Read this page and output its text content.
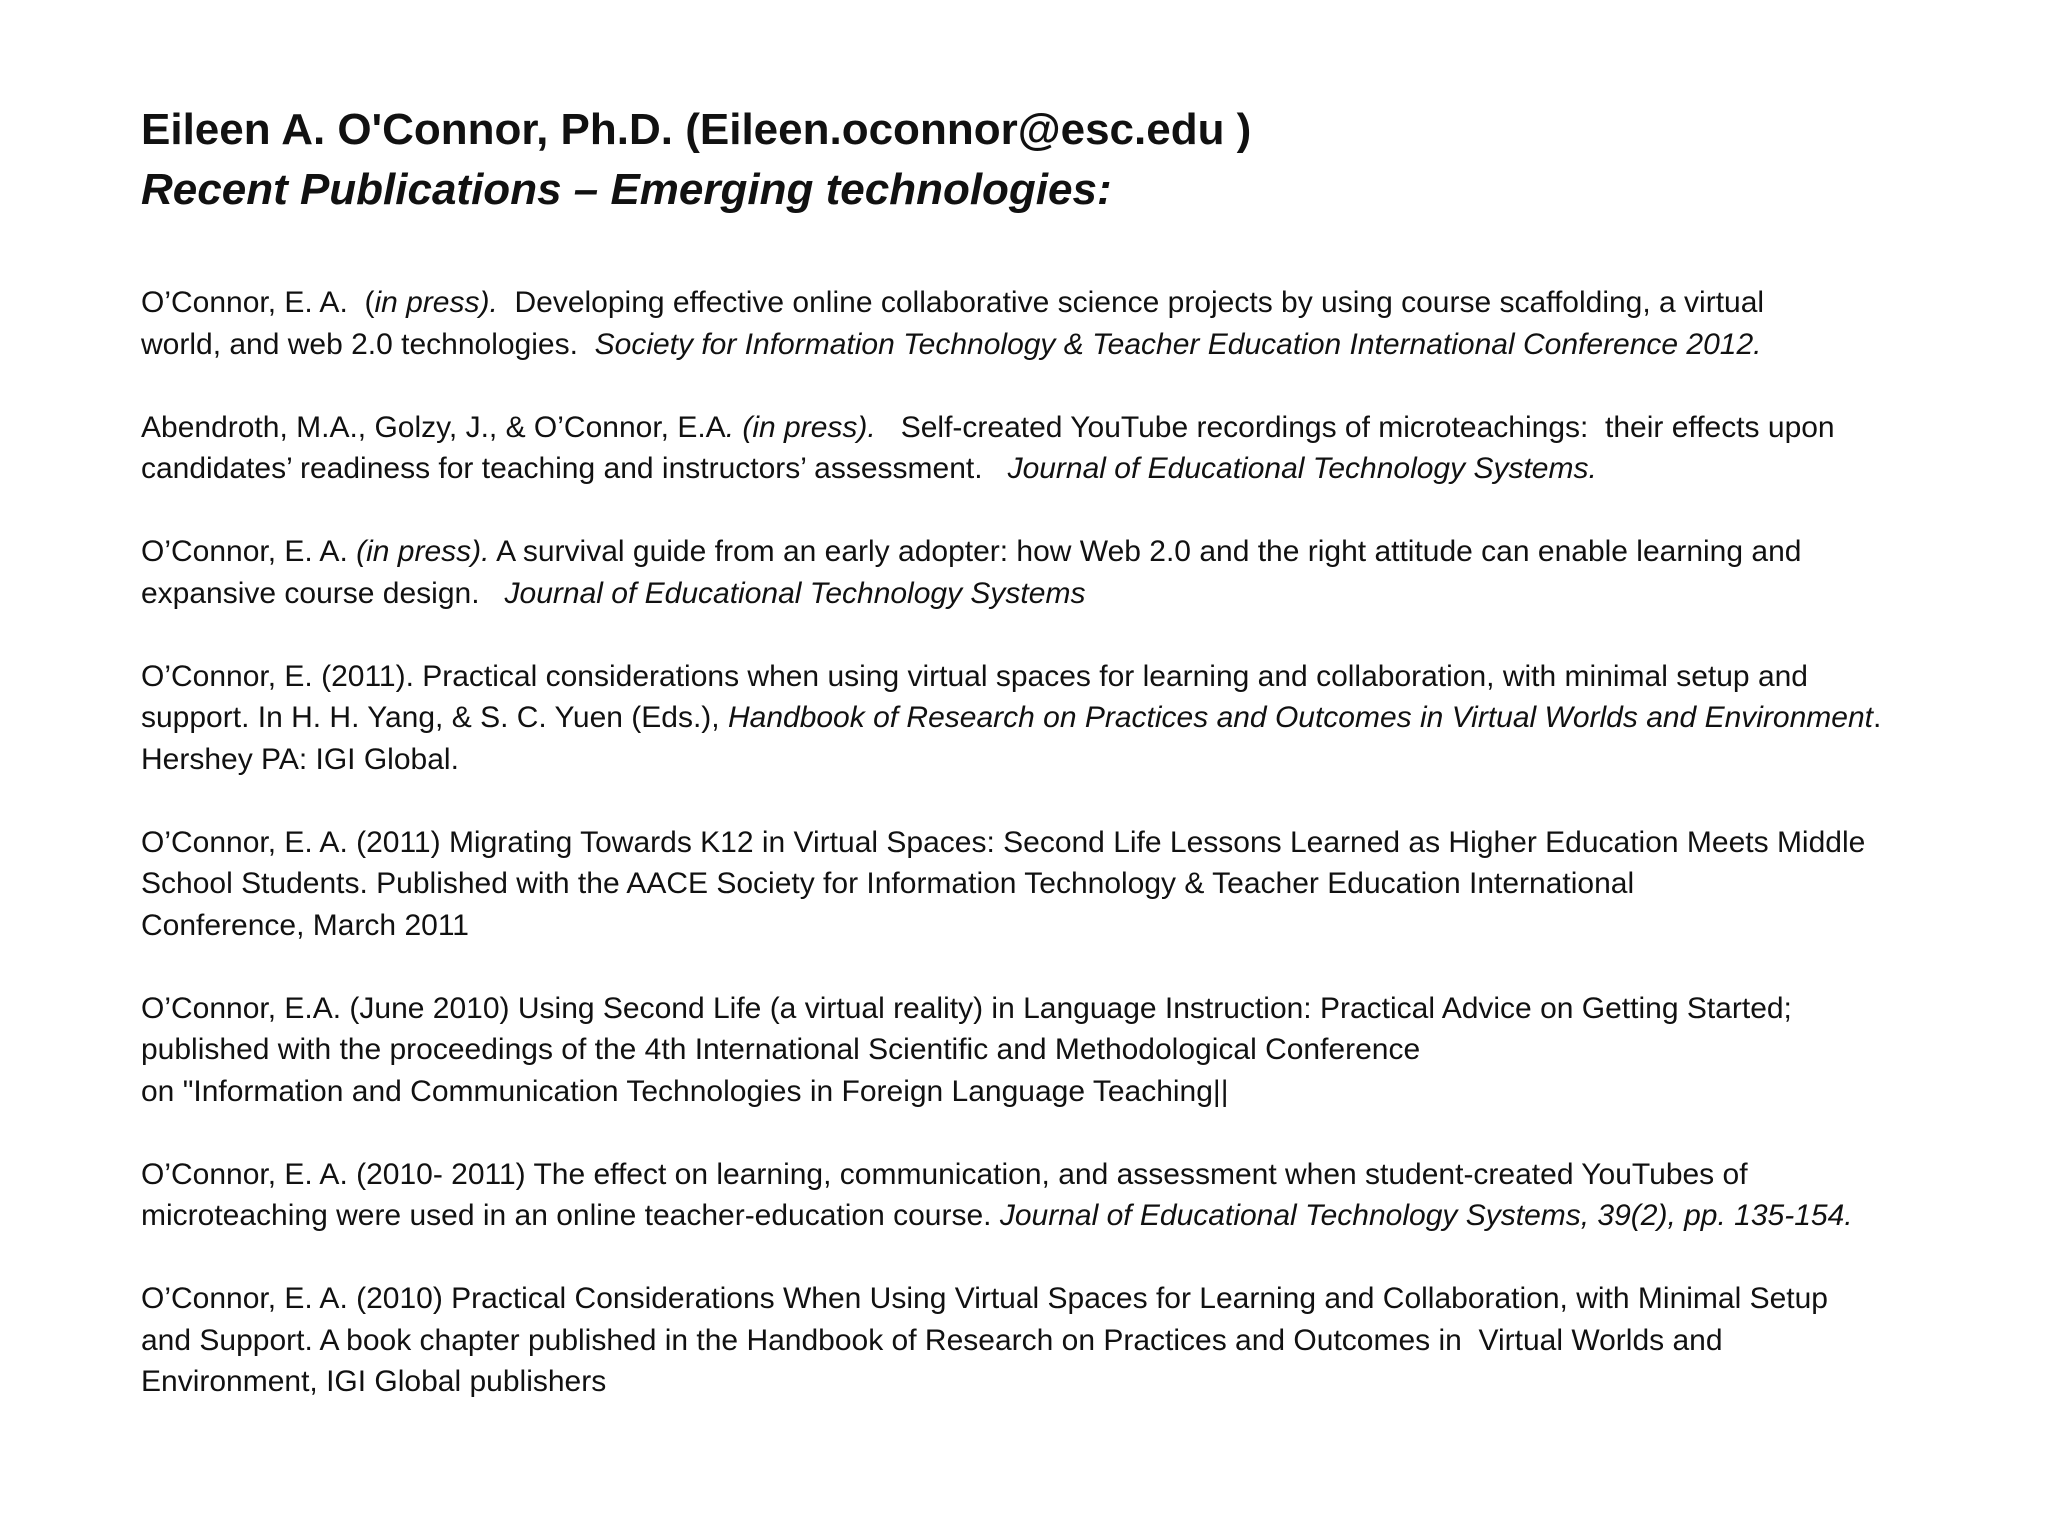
Eileen A. O'Connor, Ph.D. (Eileen.oconnor@esc.edu )

Recent Publications – Emerging technologies:

O’Connor, E. A.  (in press).  Developing effective online collaborative science projects by using course scaffolding, a virtual
world, and web 2.0 technologies.  Society for Information Technology & Teacher Education International Conference 2012.

Abendroth, M.A., Golzy, J., & O’Connor, E.A. (in press).   Self-created YouTube recordings of microteachings:  their effects upon
candidates’ readiness for teaching and instructors’ assessment.   Journal of Educational Technology Systems.

O’Connor, E. A. (in press). A survival guide from an early adopter: how Web 2.0 and the right attitude can enable learning and
expansive course design.   Journal of Educational Technology Systems

O’Connor, E. (2011). Practical considerations when using virtual spaces for learning and collaboration, with minimal setup and
support. In H. H. Yang, & S. C. Yuen (Eds.), Handbook of Research on Practices and Outcomes in Virtual Worlds and Environment.
Hershey PA: IGI Global.

O’Connor, E. A. (2011) Migrating Towards K12 in Virtual Spaces: Second Life Lessons Learned as Higher Education Meets Middle
School Students. Published with the AACE Society for Information Technology & Teacher Education International
Conference, March 2011

O’Connor, E.A. (June 2010) Using Second Life (a virtual reality) in Language Instruction: Practical Advice on Getting Started;
published with the proceedings of the 4th International Scientific and Methodological Conference
on "Information and Communication Technologies in Foreign Language Teaching||

O’Connor, E. A. (2010- 2011) The effect on learning, communication, and assessment when student-created YouTubes of
microteaching were used in an online teacher-education course. Journal of Educational Technology Systems, 39(2), pp. 135-154.

O’Connor, E. A. (2010) Practical Considerations When Using Virtual Spaces for Learning and Collaboration, with Minimal Setup
and Support. A book chapter published in the Handbook of Research on Practices and Outcomes in  Virtual Worlds and
Environment, IGI Global publishers
